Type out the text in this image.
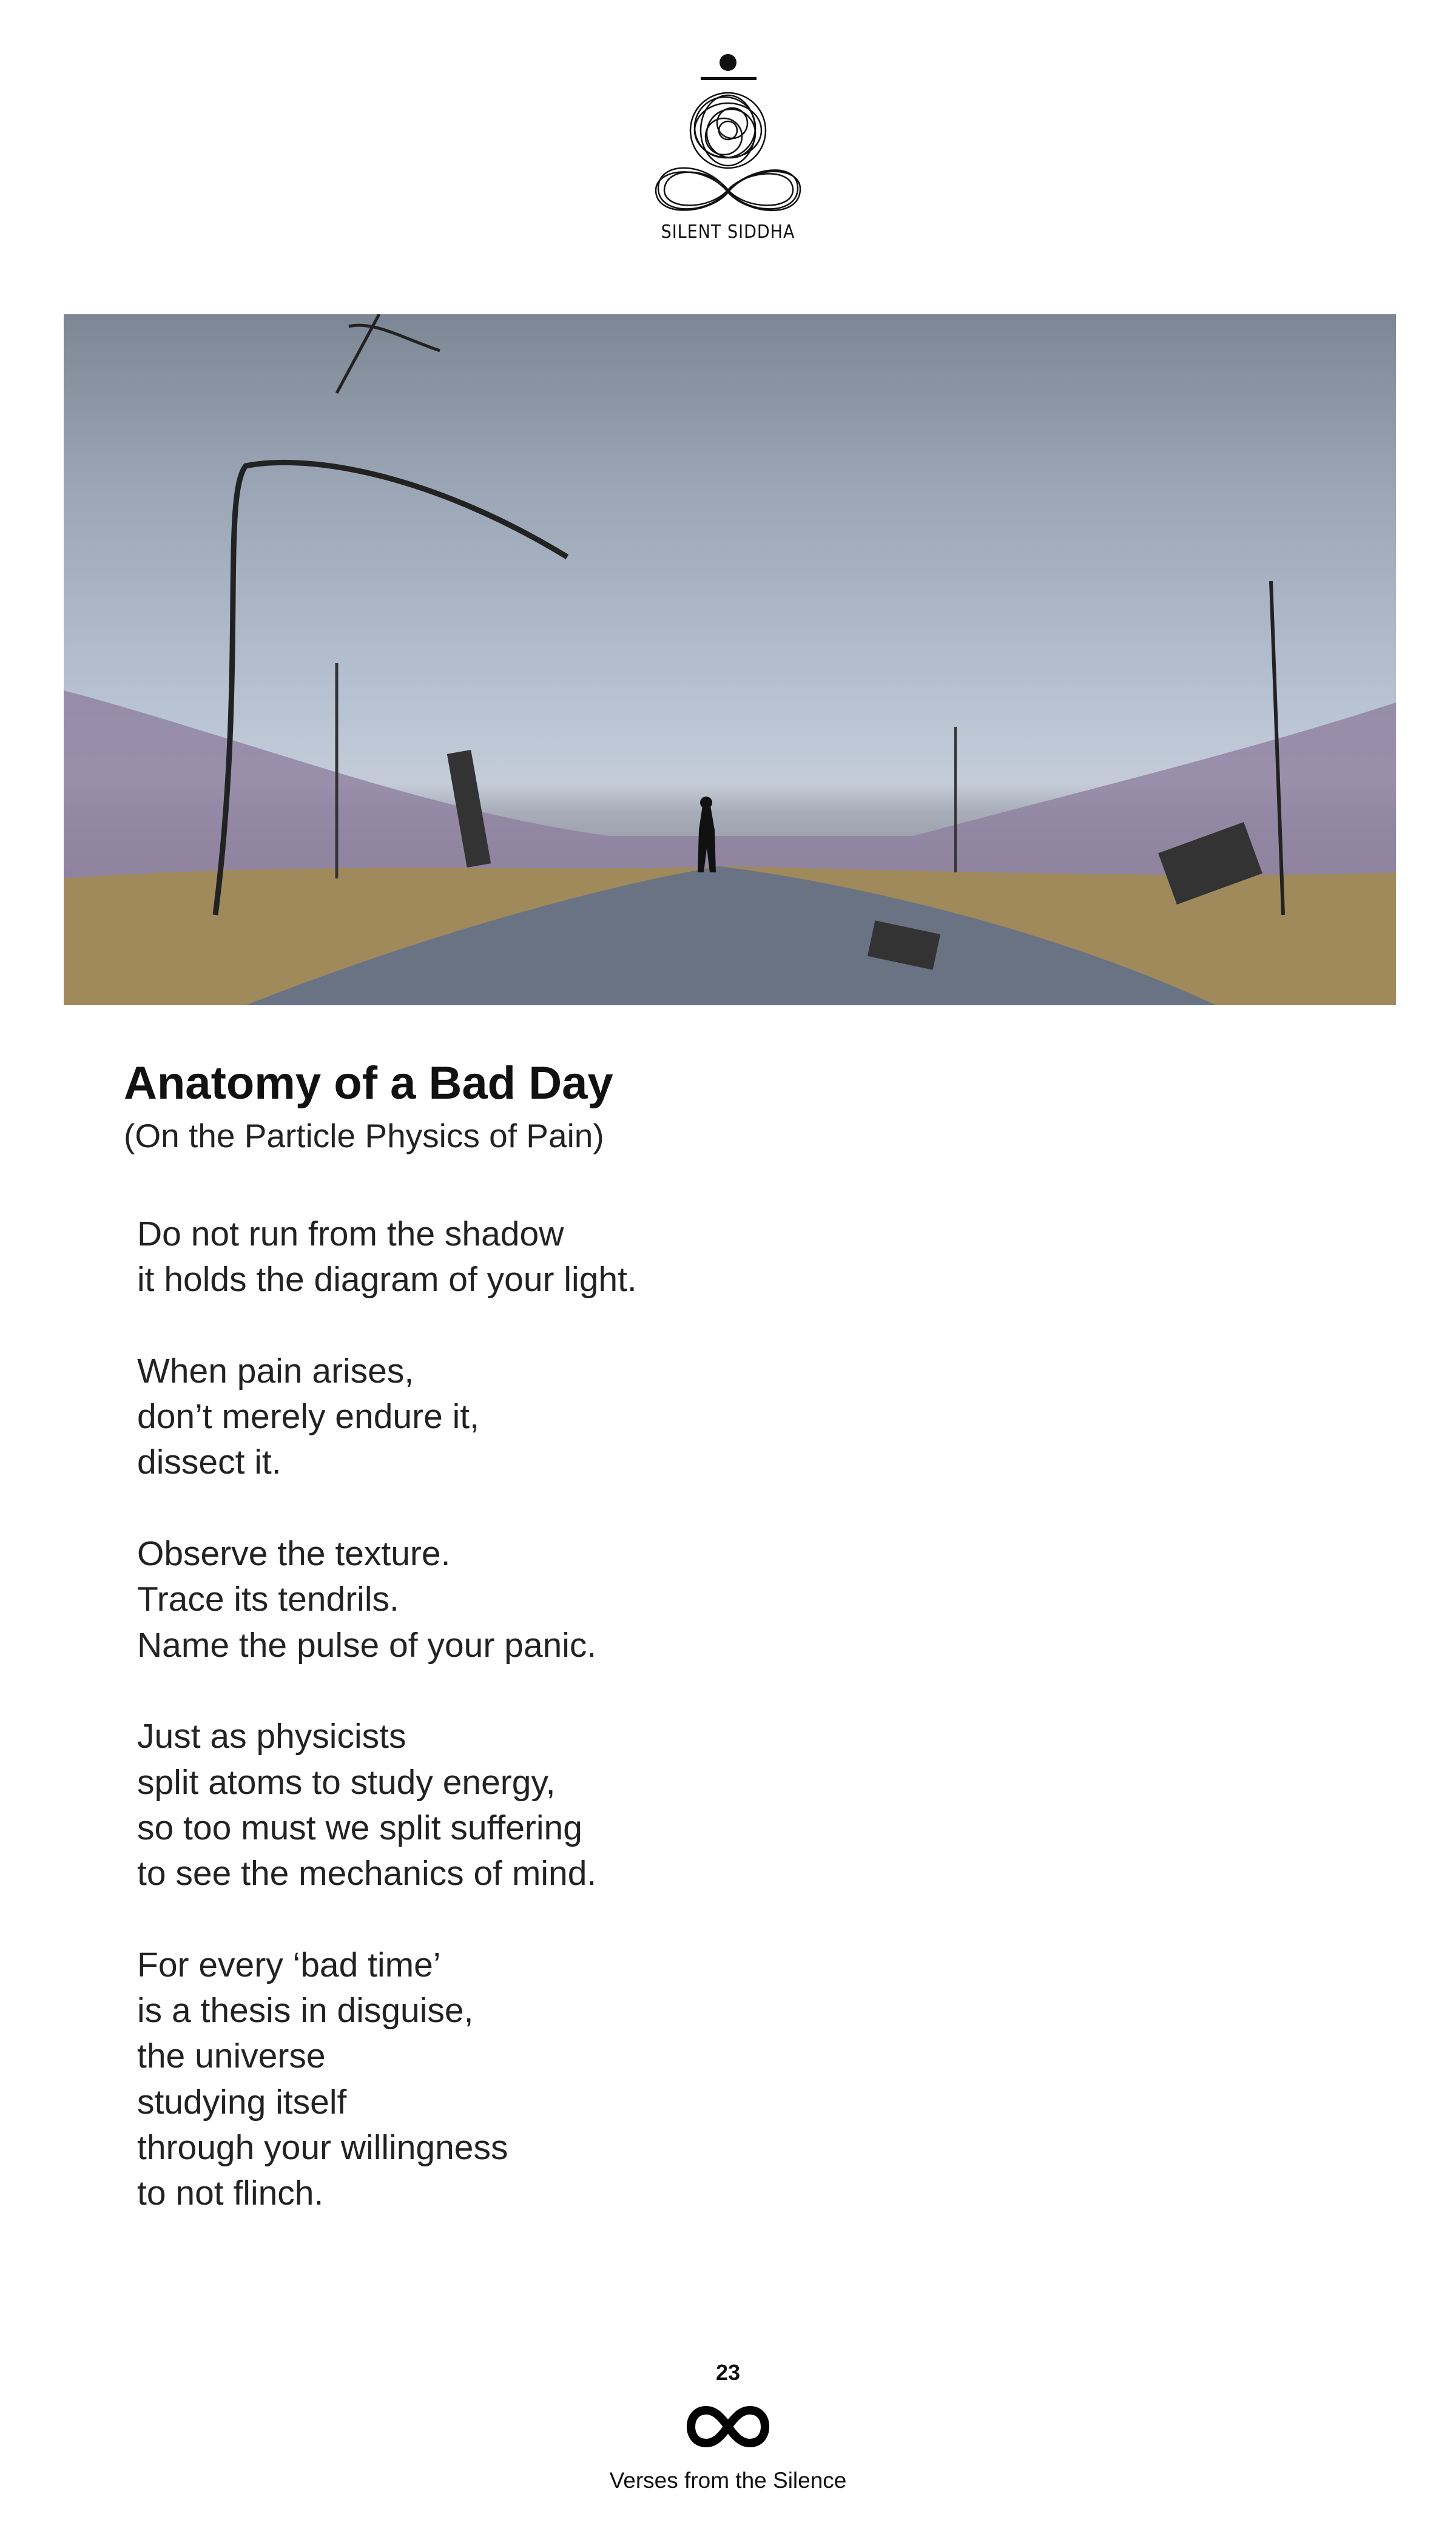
SILENT SIDDHA
Anatomy of a Bad Day
(On the Particle Physics of Pain)
Do not run from the shadow
it holds the diagram of your light.
When pain arises,
don’t merely endure it,
dissect it.
Observe the texture.
Trace its tendrils.
Name the pulse of your panic.
Just as physicists
split atoms to study energy,
so too must we split suffering
to see the mechanics of mind.
For every ‘bad time’
is a thesis in disguise,
the universe
studying itself
through your willingness
to not flinch.
23
Verses from the Silence
